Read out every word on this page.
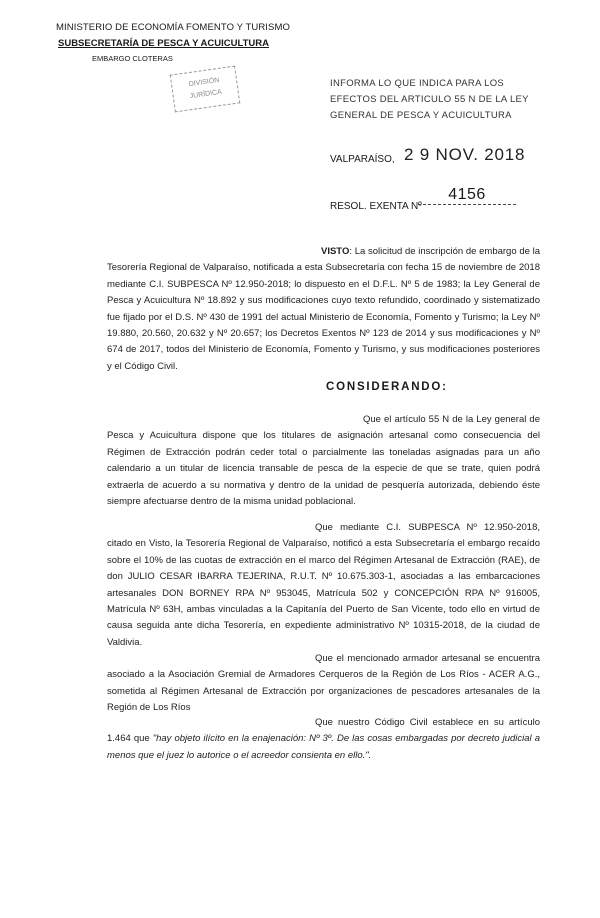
MINISTERIO DE ECONOMÍA FOMENTO Y TURISMO
SUBSECRETARÍA DE PESCA Y ACUICULTURA
EMBARGO CLOTERAS
DIVISIÓN
JURÍDICA
INFORMA LO QUE INDICA PARA LOS EFECTOS DEL ARTICULO 55 N DE LA LEY GENERAL DE PESCA Y ACUICULTURA
VALPARAÍSO, 2 9 NOV. 2018
RESOL. EXENTA Nº
4156
VISTO: La solicitud de inscripción de embargo de la Tesorería Regional de Valparaíso, notificada a esta Subsecretaría con fecha 15 de noviembre de 2018 mediante C.I. SUBPESCA Nº 12.950-2018; lo dispuesto en el D.F.L. Nº 5 de 1983; la Ley General de Pesca y Acuicultura Nº 18.892 y sus modificaciones cuyo texto refundido, coordinado y sistematizado fue fijado por el D.S. Nº 430 de 1991 del actual Ministerio de Economía, Fomento y Turismo; la Ley Nº 19.880, 20.560, 20.632 y Nº 20.657; los Decretos Exentos Nº 123 de 2014 y sus modificaciones y Nº 674 de 2017, todos del Ministerio de Economía, Fomento y Turismo, y sus modificaciones posteriores y el Código Civil.
CONSIDERANDO:
Que el artículo 55 N de la Ley general de Pesca y Acuicultura dispone que los titulares de asignación artesanal como consecuencia del Régimen de Extracción podrán ceder total o parcialmente las toneladas asignadas para un año calendario a un titular de licencia transable de pesca de la especie de que se trate, quien podrá extraerla de acuerdo a su normativa y dentro de la unidad de pesquería autorizada, debiendo éste siempre afectuarse dentro de la misma unidad poblacional.
Que mediante C.I. SUBPESCA Nº 12.950-2018, citado en Visto, la Tesorería Regional de Valparaíso, notificó a esta Subsecretaría el embargo recaído sobre el 10% de las cuotas de extracción en el marco del Régimen Artesanal de Extracción (RAE), de don JULIO CESAR IBARRA TEJERINA, R.U.T. Nº 10.675.303-1, asociadas a las embarcaciones artesanales DON BORNEY RPA Nº 953045, Matrícula 502 y CONCEPCIÓN RPA Nº 916005, Matrícula Nº 63H, ambas vinculadas a la Capitanía del Puerto de San Vicente, todo ello en virtud de causa seguida ante dicha Tesorería, en expediente administrativo Nº 10315-2018, de la ciudad de Valdivia.
Que el mencionado armador artesanal se encuentra asociado a la Asociación Gremial de Armadores Cerqueros de la Región de Los Ríos - ACER A.G., sometida al Régimen Artesanal de Extracción por organizaciones de pescadores artesanales de la Región de Los Ríos
Que nuestro Código Civil establece en su artículo 1.464 que "hay objeto ilícito en la enajenación: Nº 3º. De las cosas embargadas por decreto judicial a menos que el juez lo autorice o el acreedor consienta en ello.".
